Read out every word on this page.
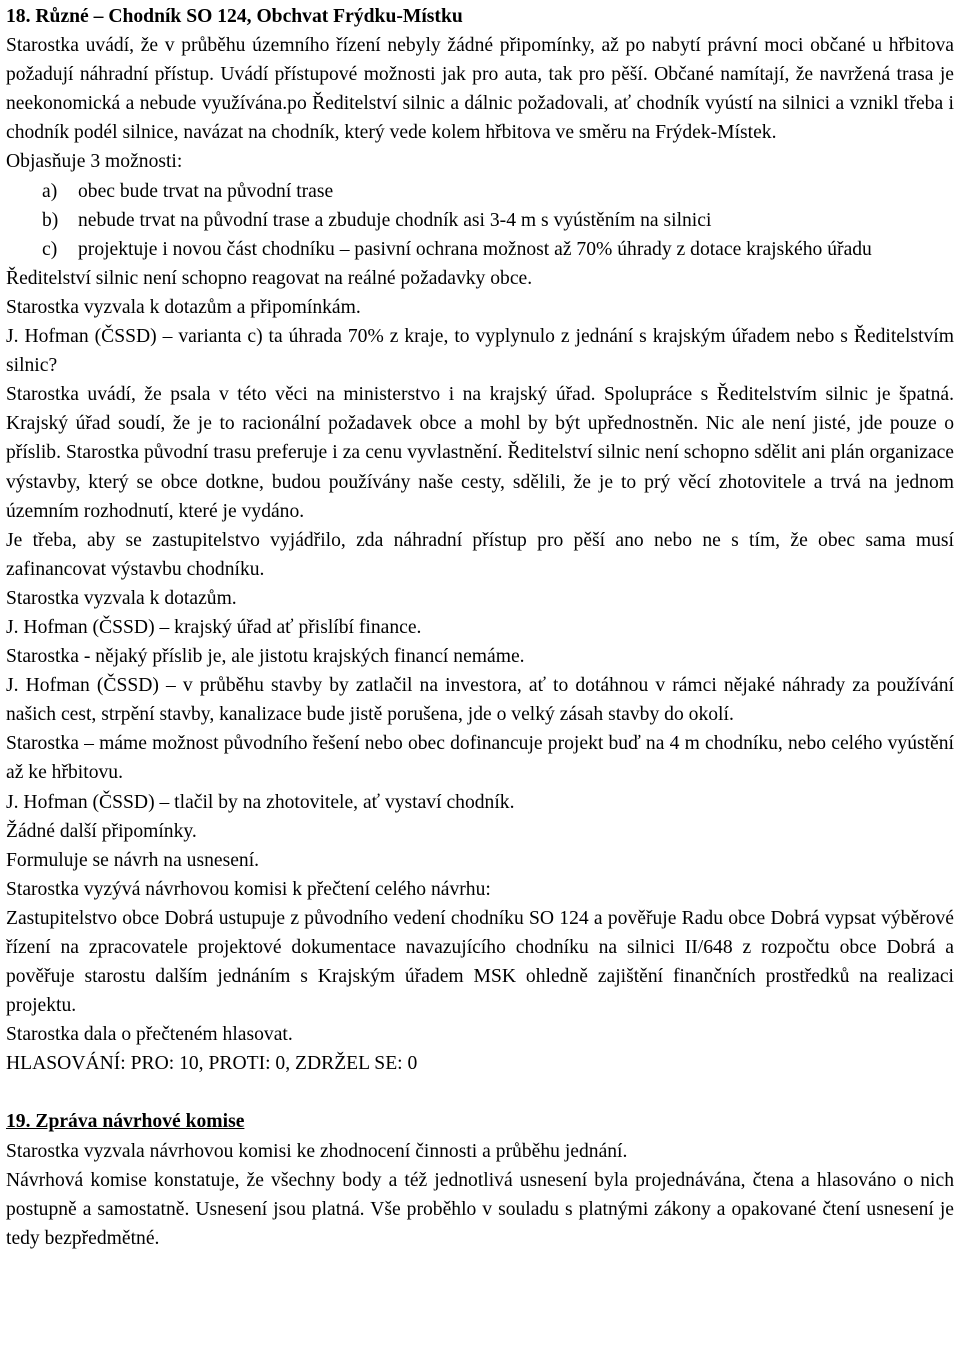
18. Různé – Chodník SO 124, Obchvat Frýdku-Místku

Starostka uvádí, že v průběhu územního řízení nebyly žádné připomínky, až po nabytí právní moci občané u hřbitova požadují náhradní přístup. Uvádí přístupové možnosti jak pro auta, tak pro pěší. Občané namítají, že navržená trasa je neekonomická a nebude využívána.po Ředitelství silnic a dálnic požadovali, ať chodník vyústí na silnici a vznikl třeba i chodník podél silnice, navázat na chodník, který vede kolem hřbitova ve směru na Frýdek-Místek.

Objasňuje 3 možnosti:

a)	obec bude trvat na původní trase
b)	nebude trvat na původní trase a zbuduje chodník asi 3-4 m s vyústěním na silnici
c)	projektuje i novou část chodníku – pasivní ochrana možnost až 70% úhrady z dotace krajského úřadu

Ředitelství silnic není schopno reagovat na reálné požadavky obce.

Starostka vyzvala k dotazům a připomínkám.

J. Hofman (ČSSD) – varianta c) ta úhrada 70% z kraje, to vyplynulo z jednání s krajským úřadem nebo s Ředitelstvím silnic?

Starostka uvádí, že psala v této věci na ministerstvo i na krajský úřad. Spolupráce s Ředitelstvím silnic je špatná. Krajský úřad soudí, že je to racionální požadavek obce a mohl by být upřednostněn. Nic ale není jisté, jde pouze o příslib. Starostka původní trasu preferuje i za cenu vyvlastnění. Ředitelství silnic není schopno sdělit ani plán organizace výstavby, který se obce dotkne, budou používány naše cesty, sdělili, že je to prý věcí zhotovitele a trvá na jednom územním rozhodnutí, které je vydáno.

Je třeba, aby se zastupitelstvo vyjádřilo, zda náhradní přístup pro pěší ano nebo ne s tím, že obec sama musí zafinancovat výstavbu chodníku.

Starostka vyzvala k dotazům.

J. Hofman (ČSSD) – krajský úřad ať přislíbí finance.

Starostka - nějaký příslib je, ale jistotu krajských financí nemáme.

J. Hofman (ČSSD) – v průběhu stavby by zatlačil na investora, ať to dotáhnou v rámci nějaké náhrady za používání našich cest, strpění stavby, kanalizace bude jistě porušena, jde o velký zásah stavby do okolí.

Starostka – máme možnost původního řešení nebo obec dofinancuje projekt buď na 4 m chodníku, nebo celého vyústění až ke hřbitovu.

J. Hofman (ČSSD) – tlačil by na zhotovitele, ať vystaví chodník.

Žádné další připomínky.

Formuluje se návrh na usnesení.

Starostka vyzývá návrhovou komisi k přečtení celého návrhu:

Zastupitelstvo obce Dobrá ustupuje z původního vedení chodníku SO 124 a pověřuje Radu obce Dobrá vypsat výběrové řízení na zpracovatele projektové dokumentace navazujícího chodníku na silnici II/648 z rozpočtu obce Dobrá a pověřuje starostu dalším jednáním s Krajským úřadem MSK ohledně zajištění finančních prostředků na realizaci projektu.

Starostka dala o přečteném hlasovat.

HLASOVÁNÍ: PRO: 10, PROTI: 0, ZDRŽEL SE: 0

19. Zpráva návrhové komise

Starostka vyzvala návrhovou komisi ke zhodnocení činnosti a průběhu jednání.

Návrhová komise konstatuje, že všechny body a též jednotlivá usnesení byla projednávána, čtena a hlasováno o nich postupně a samostatně. Usnesení jsou platná. Vše proběhlo v souladu s platnými zákony a opakované čtení usnesení je tedy bezpředmětné.
